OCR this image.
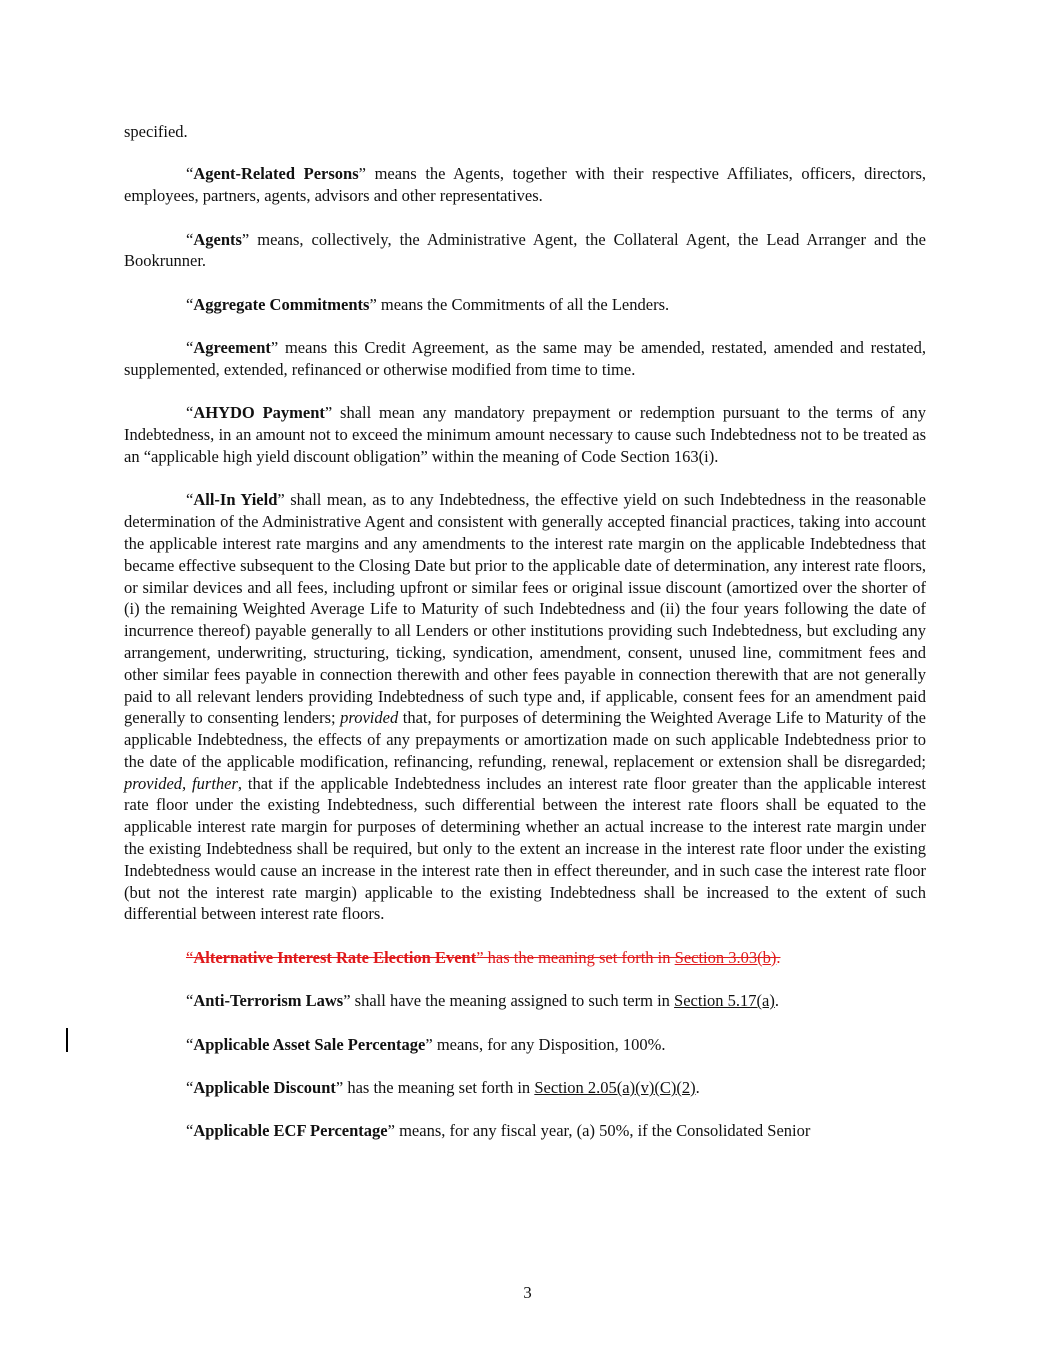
specified.

“Agent-Related Persons” means the Agents, together with their respective Affiliates, officers, directors, employees, partners, agents, advisors and other representatives.

“Agents” means, collectively, the Administrative Agent, the Collateral Agent, the Lead Arranger and the Bookrunner.

“Aggregate Commitments” means the Commitments of all the Lenders.

“Agreement” means this Credit Agreement, as the same may be amended, restated, amended and restated, supplemented, extended, refinanced or otherwise modified from time to time.

“AHYDO Payment” shall mean any mandatory prepayment or redemption pursuant to the terms of any Indebtedness, in an amount not to exceed the minimum amount necessary to cause such Indebtedness not to be treated as an “applicable high yield discount obligation” within the meaning of Code Section 163(i).

“All-In Yield” shall mean, as to any Indebtedness, the effective yield on such Indebtedness in the reasonable determination of the Administrative Agent and consistent with generally accepted financial practices, taking into account the applicable interest rate margins and any amendments to the interest rate margin on the applicable Indebtedness that became effective subsequent to the Closing Date but prior to the applicable date of determination, any interest rate floors, or similar devices and all fees, including upfront or similar fees or original issue discount (amortized over the shorter of (i) the remaining Weighted Average Life to Maturity of such Indebtedness and (ii) the four years following the date of incurrence thereof) payable generally to all Lenders or other institutions providing such Indebtedness, but excluding any arrangement, underwriting, structuring, ticking, syndication, amendment, consent, unused line, commitment fees and other similar fees payable in connection therewith and other fees payable in connection therewith that are not generally paid to all relevant lenders providing Indebtedness of such type and, if applicable, consent fees for an amendment paid generally to consenting lenders; provided that, for purposes of determining the Weighted Average Life to Maturity of the applicable Indebtedness, the effects of any prepayments or amortization made on such applicable Indebtedness prior to the date of the applicable modification, refinancing, refunding, renewal, replacement or extension shall be disregarded; provided, further, that if the applicable Indebtedness includes an interest rate floor greater than the applicable interest rate floor under the existing Indebtedness, such differential between the interest rate floors shall be equated to the applicable interest rate margin for purposes of determining whether an actual increase to the interest rate margin under the existing Indebtedness shall be required, but only to the extent an increase in the interest rate floor under the existing Indebtedness would cause an increase in the interest rate then in effect thereunder, and in such case the interest rate floor (but not the interest rate margin) applicable to the existing Indebtedness shall be increased to the extent of such differential between interest rate floors.

“Alternative Interest Rate Election Event” has the meaning set forth in Section 3.03(b).

“Anti-Terrorism Laws” shall have the meaning assigned to such term in Section 5.17(a).

“Applicable Asset Sale Percentage” means, for any Disposition, 100%.

“Applicable Discount” has the meaning set forth in Section 2.05(a)(v)(C)(2).

“Applicable ECF Percentage” means, for any fiscal year, (a) 50%, if the Consolidated Senior

3
